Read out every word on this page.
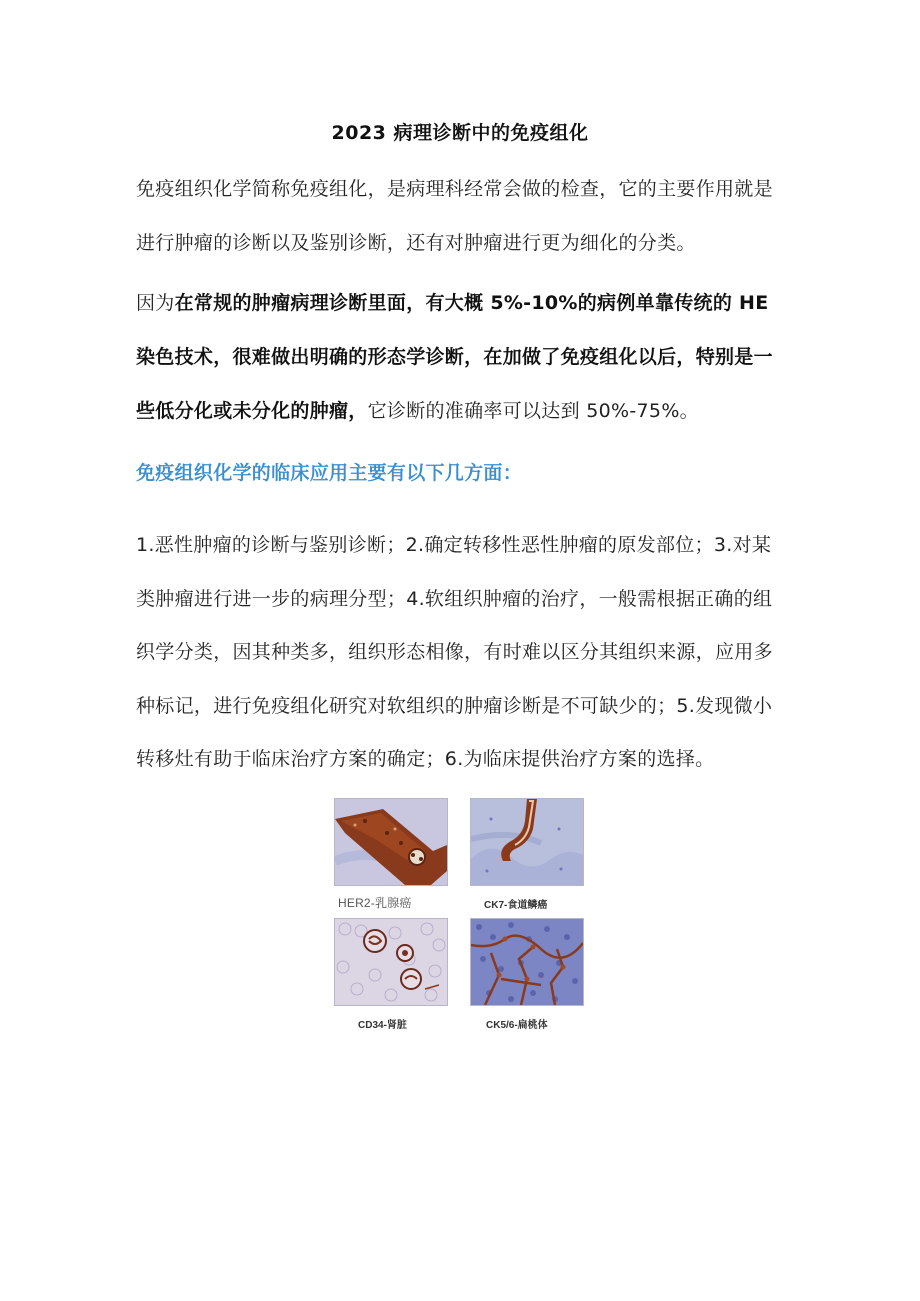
2023 病理诊断中的免疫组化
免疫组织化学简称免疫组化，是病理科经常会做的检查，它的主要作用就是进行肿瘤的诊断以及鉴别诊断，还有对肿瘤进行更为细化的分类。
因为在常规的肿瘤病理诊断里面，有大概 5%-10%的病例单靠传统的 HE 染色技术，很难做出明确的形态学诊断，在加做了免疫组化以后，特别是一些低分化或未分化的肿瘤，它诊断的准确率可以达到 50%-75%。
免疫组织化学的临床应用主要有以下几方面：
1.恶性肿瘤的诊断与鉴别诊断；2.确定转移性恶性肿瘤的原发部位；3.对某类肿瘤进行进一步的病理分型；4.软组织肿瘤的治疗，一般需根据正确的组织学分类，因其种类多，组织形态相像，有时难以区分其组织来源，应用多种标记，进行免疫组化研究对软组织的肿瘤诊断是不可缺少的；5.发现微小转移灶有助于临床治疗方案的确定；6.为临床提供治疗方案的选择。
HER2-乳腺癌	CK7-食道鳞癌
CD34-肾脏	CK5/6-扁桃体
